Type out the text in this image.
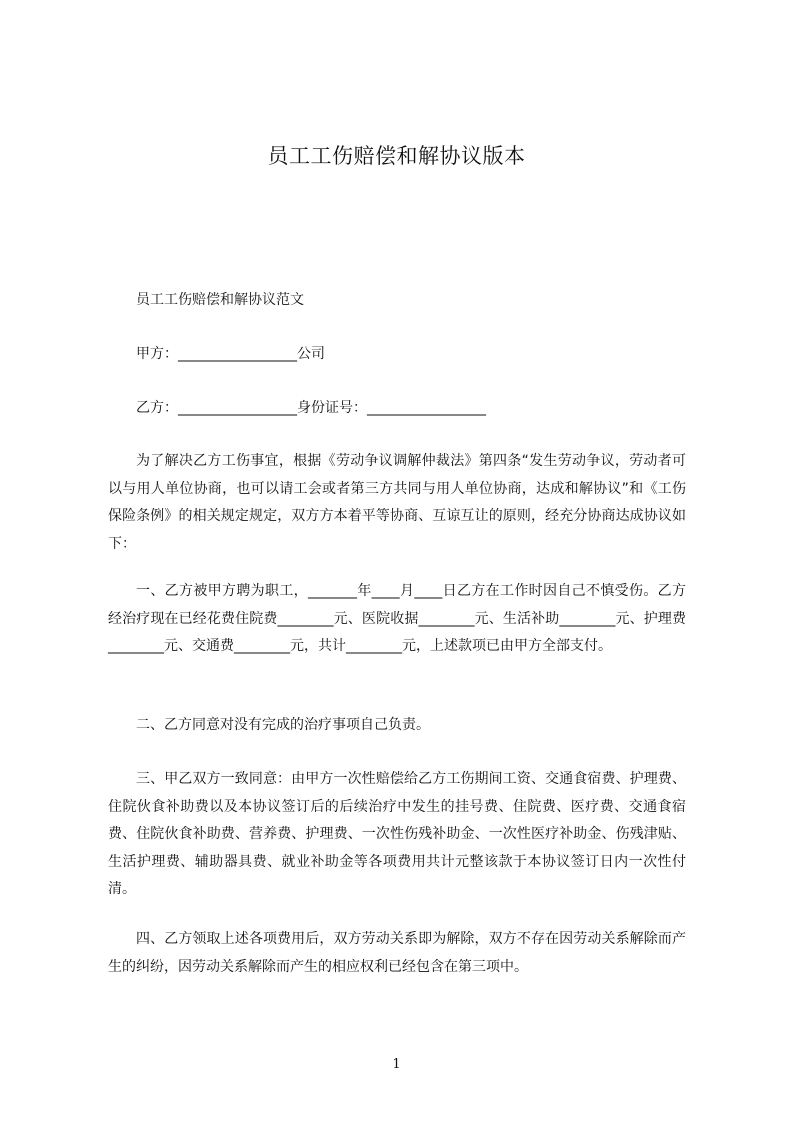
员工工伤赔偿和解协议版本
员工工伤赔偿和解协议范文
甲方：_________________公司
乙方：_________________身份证号：_________________
为了解决乙方工伤事宜，根据《劳动争议调解仲裁法》第四条“发生劳动争议，劳动者可以与用人单位协商，也可以请工会或者第三方共同与用人单位协商，达成和解协议”和《工伤保险条例》的相关规定规定，双方方本着平等协商、互谅互让的原则，经充分协商达成协议如下：
一、乙方被甲方聘为职工，_______年____月____日乙方在工作时因自己不慎受伤。乙方经治疗现在已经花费住院费________元、医院收据________元、生活补助________元、护理费________元、交通费________元，共计________元，上述款项已由甲方全部支付。
二、乙方同意对没有完成的治疗事项自己负责。
三、甲乙双方一致同意：由甲方一次性赔偿给乙方工伤期间工资、交通食宿费、护理费、住院伙食补助费以及本协议签订后的后续治疗中发生的挂号费、住院费、医疗费、交通食宿费、住院伙食补助费、营养费、护理费、一次性伤残补助金、一次性医疗补助金、伤残津贴、生活护理费、辅助器具费、就业补助金等各项费用共计元整该款于本协议签订日内一次性付清。
四、乙方领取上述各项费用后，双方劳动关系即为解除，双方不存在因劳动关系解除而产生的纠纷，因劳动关系解除而产生的相应权利已经包含在第三项中。
1
